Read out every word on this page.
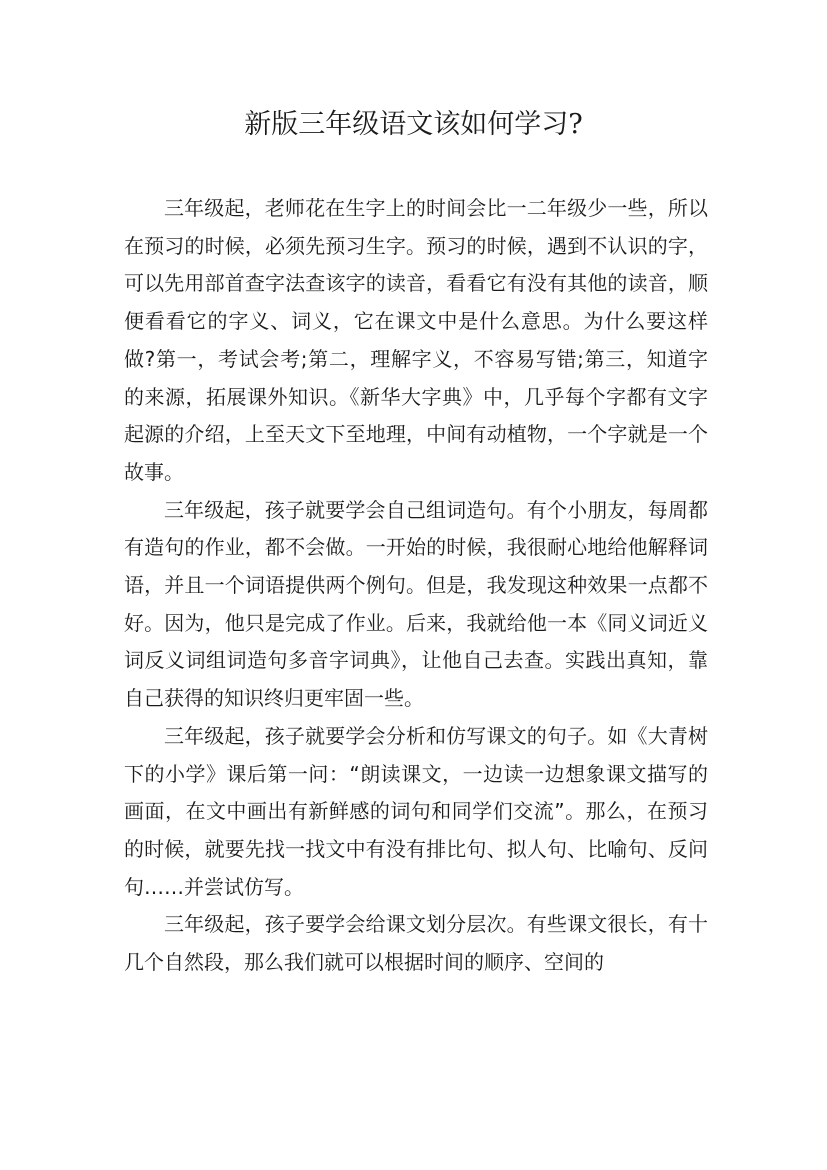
新版三年级语文该如何学习?

三年级起，老师花在生字上的时间会比一二年级少一些，所以在预习的时候，必须先预习生字。预习的时候，遇到不认识的字，可以先用部首查字法查该字的读音，看看它有没有其他的读音，顺便看看它的字义、词义，它在课文中是什么意思。为什么要这样做?第一，考试会考;第二，理解字义，不容易写错;第三，知道字的来源，拓展课外知识。《新华大字典》中，几乎每个字都有文字起源的介绍，上至天文下至地理，中间有动植物，一个字就是一个故事。

三年级起，孩子就要学会自己组词造句。有个小朋友，每周都有造句的作业，都不会做。一开始的时候，我很耐心地给他解释词语，并且一个词语提供两个例句。但是，我发现这种效果一点都不好。因为，他只是完成了作业。后来，我就给他一本《同义词近义词反义词组词造句多音字词典》，让他自己去查。实践出真知，靠自己获得的知识终归更牢固一些。

三年级起，孩子就要学会分析和仿写课文的句子。如《大青树下的小学》课后第一问：“朗读课文，一边读一边想象课文描写的画面，在文中画出有新鲜感的词句和同学们交流”。那么，在预习的时候，就要先找一找文中有没有排比句、拟人句、比喻句、反问句……并尝试仿写。

三年级起，孩子要学会给课文划分层次。有些课文很长，有十几个自然段，那么我们就可以根据时间的顺序、空间的
